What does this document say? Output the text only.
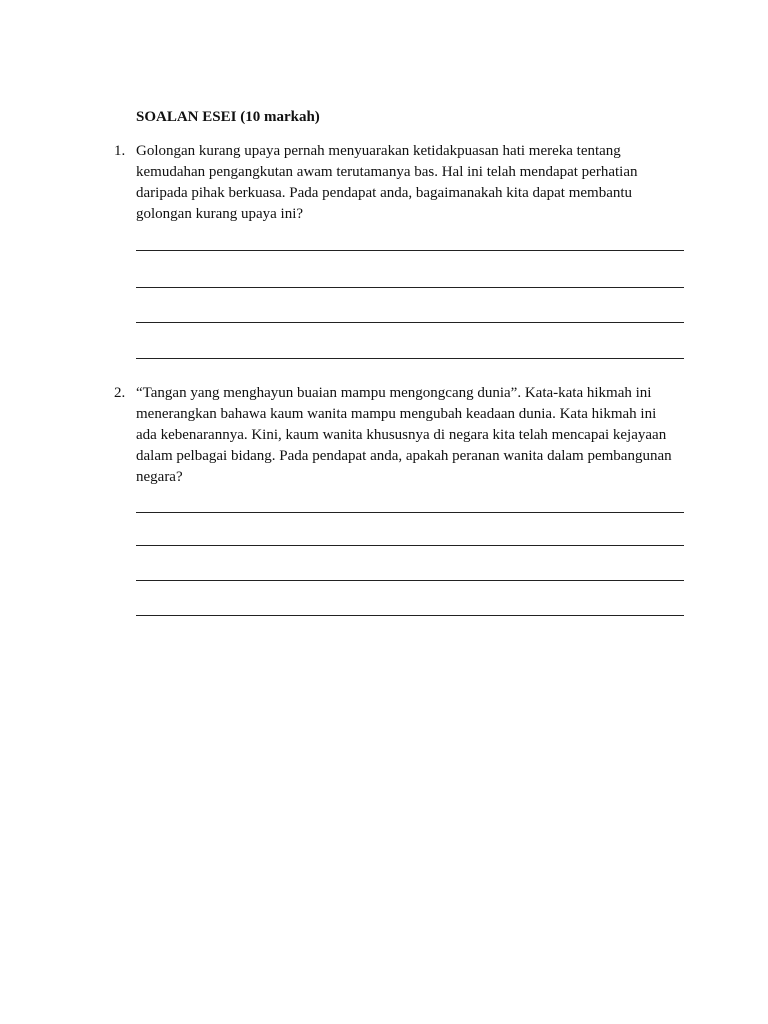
SOALAN ESEI (10 markah)
1. Golongan kurang upaya pernah menyuarakan ketidakpuasan hati mereka tentang
kemudahan pengangkutan awam terutamanya bas. Hal ini telah mendapat perhatian
daripada pihak berkuasa. Pada pendapat anda, bagaimanakah kita dapat membantu
golongan kurang upaya ini?
2. “Tangan yang menghayun buaian mampu mengongcang dunia”. Kata-kata hikmah ini
menerangkan bahawa kaum wanita mampu mengubah keadaan dunia. Kata hikmah ini
ada kebenarannya. Kini, kaum wanita khususnya di negara kita telah mencapai kejayaan
dalam pelbagai bidang. Pada pendapat anda, apakah peranan wanita dalam pembangunan
negara?
